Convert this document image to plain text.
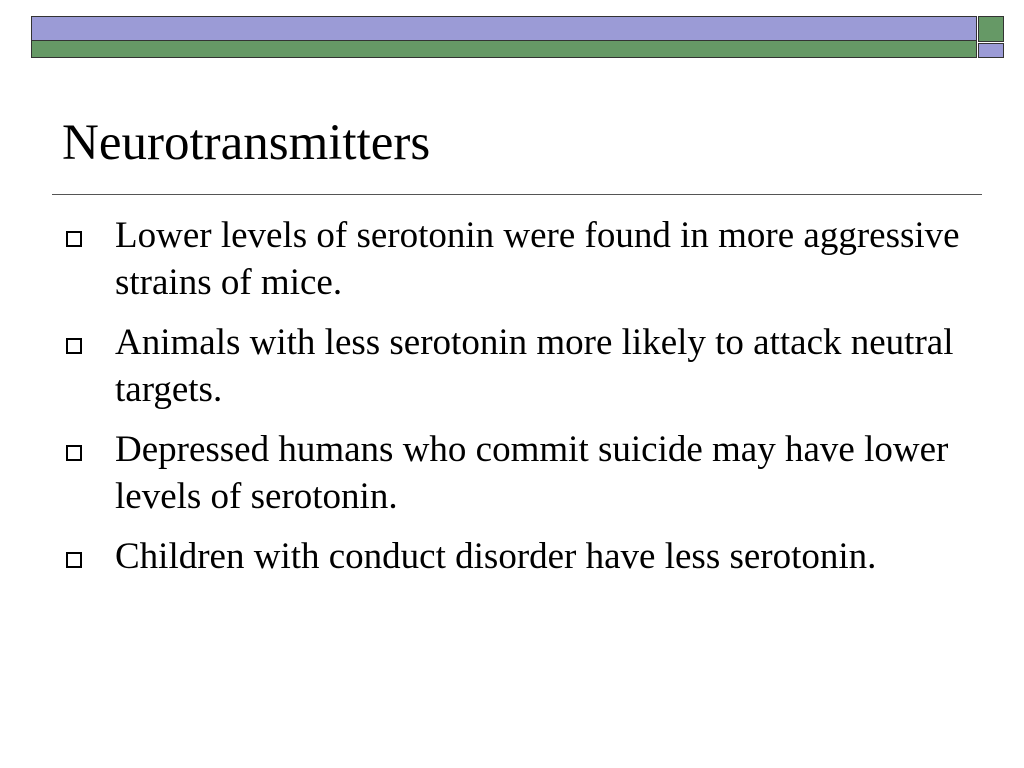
Neurotransmitters
Lower levels of serotonin were found in more aggressive strains of mice.
Animals with less serotonin more likely to attack neutral targets.
Depressed humans who commit suicide may have lower levels of serotonin.
Children with conduct disorder have less serotonin.
